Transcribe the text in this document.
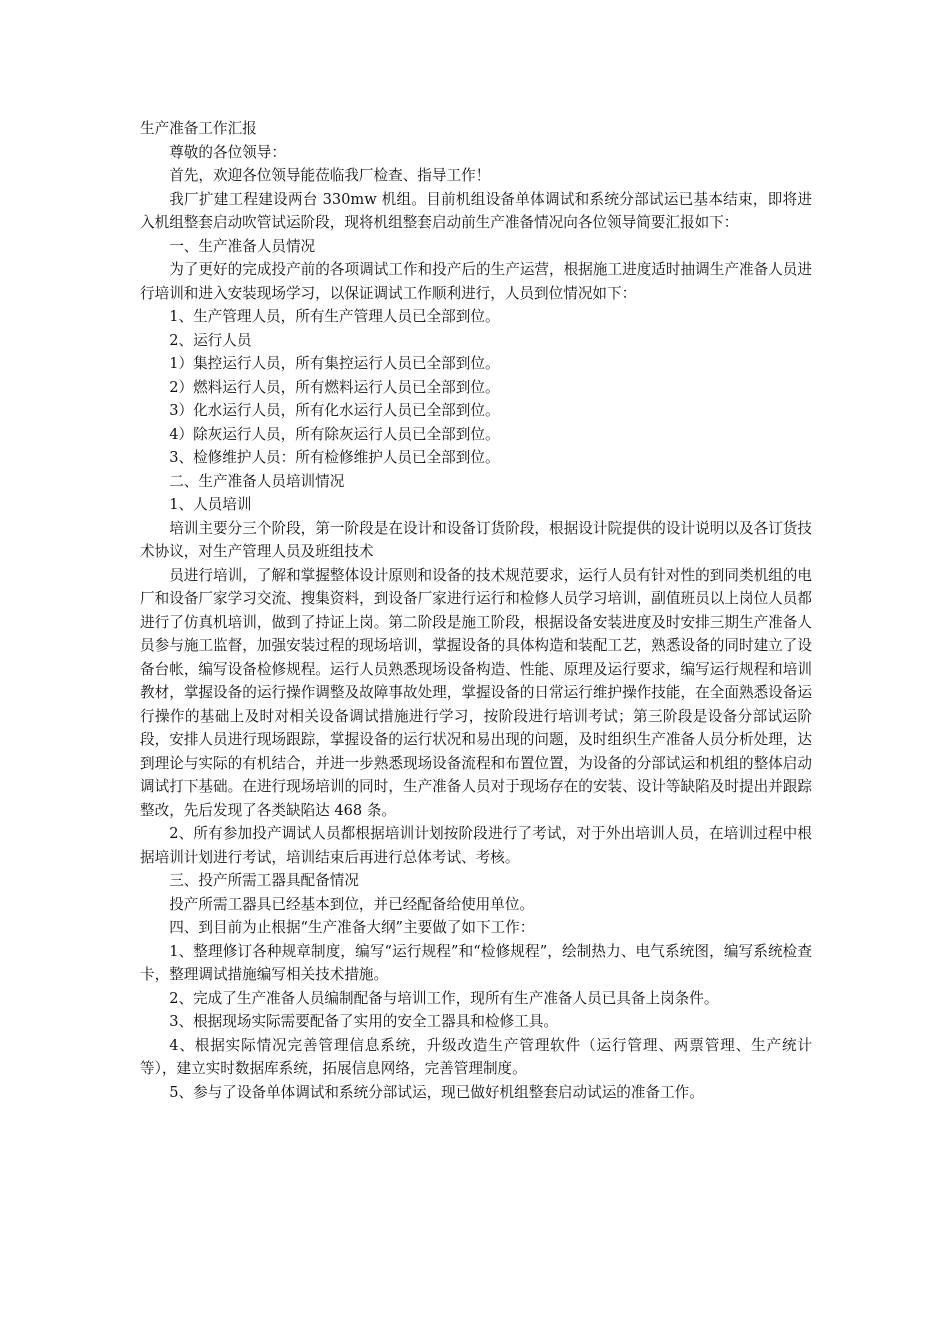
生产准备工作汇报

尊敬的各位领导：

首先，欢迎各位领导能莅临我厂检查、指导工作！

我厂扩建工程建设两台 330mw 机组。目前机组设备单体调试和系统分部试运已基本结束，即将进入机组整套启动吹管试运阶段，现将机组整套启动前生产准备情况向各位领导简要汇报如下：

一、生产准备人员情况

为了更好的完成投产前的各项调试工作和投产后的生产运营，根据施工进度适时抽调生产准备人员进行培训和进入安装现场学习，以保证调试工作顺利进行，人员到位情况如下：

1、生产管理人员，所有生产管理人员已全部到位。

2、运行人员

1）集控运行人员，所有集控运行人员已全部到位。

2）燃料运行人员，所有燃料运行人员已全部到位。

3）化水运行人员，所有化水运行人员已全部到位。

4）除灰运行人员，所有除灰运行人员已全部到位。

3、检修维护人员：所有检修维护人员已全部到位。

二、生产准备人员培训情况

1、人员培训

培训主要分三个阶段，第一阶段是在设计和设备订货阶段，根据设计院提供的设计说明以及各订货技术协议，对生产管理人员及班组技术

员进行培训，了解和掌握整体设计原则和设备的技术规范要求，运行人员有针对性的到同类机组的电厂和设备厂家学习交流、搜集资料，到设备厂家进行运行和检修人员学习培训，副值班员以上岗位人员都进行了仿真机培训，做到了持证上岗。第二阶段是施工阶段，根据设备安装进度及时安排三期生产准备人员参与施工监督，加强安装过程的现场培训，掌握设备的具体构造和装配工艺，熟悉设备的同时建立了设备台帐，编写设备检修规程。运行人员熟悉现场设备构造、性能、原理及运行要求，编写运行规程和培训教材，掌握设备的运行操作调整及故障事故处理，掌握设备的日常运行维护操作技能，在全面熟悉设备运行操作的基础上及时对相关设备调试措施进行学习，按阶段进行培训考试；第三阶段是设备分部试运阶段，安排人员进行现场跟踪，掌握设备的运行状况和易出现的问题，及时组织生产准备人员分析处理，达到理论与实际的有机结合，并进一步熟悉现场设备流程和布置位置，为设备的分部试运和机组的整体启动调试打下基础。在进行现场培训的同时，生产准备人员对于现场存在的安装、设计等缺陷及时提出并跟踪整改，先后发现了各类缺陷达 468 条。

2、所有参加投产调试人员都根据培训计划按阶段进行了考试，对于外出培训人员，在培训过程中根据培训计划进行考试，培训结束后再进行总体考试、考核。

三、投产所需工器具配备情况

投产所需工器具已经基本到位，并已经配备给使用单位。

四、到目前为止根据“生产准备大纲”主要做了如下工作：

1、整理修订各种规章制度，编写“运行规程”和“检修规程”，绘制热力、电气系统图，编写系统检查卡，整理调试措施编写相关技术措施。

2、完成了生产准备人员编制配备与培训工作，现所有生产准备人员已具备上岗条件。

3、根据现场实际需要配备了实用的安全工器具和检修工具。

4、根据实际情况完善管理信息系统，升级改造生产管理软件（运行管理、两票管理、生产统计等），建立实时数据库系统，拓展信息网络，完善管理制度。

5、参与了设备单体调试和系统分部试运，现已做好机组整套启动试运的准备工作。
